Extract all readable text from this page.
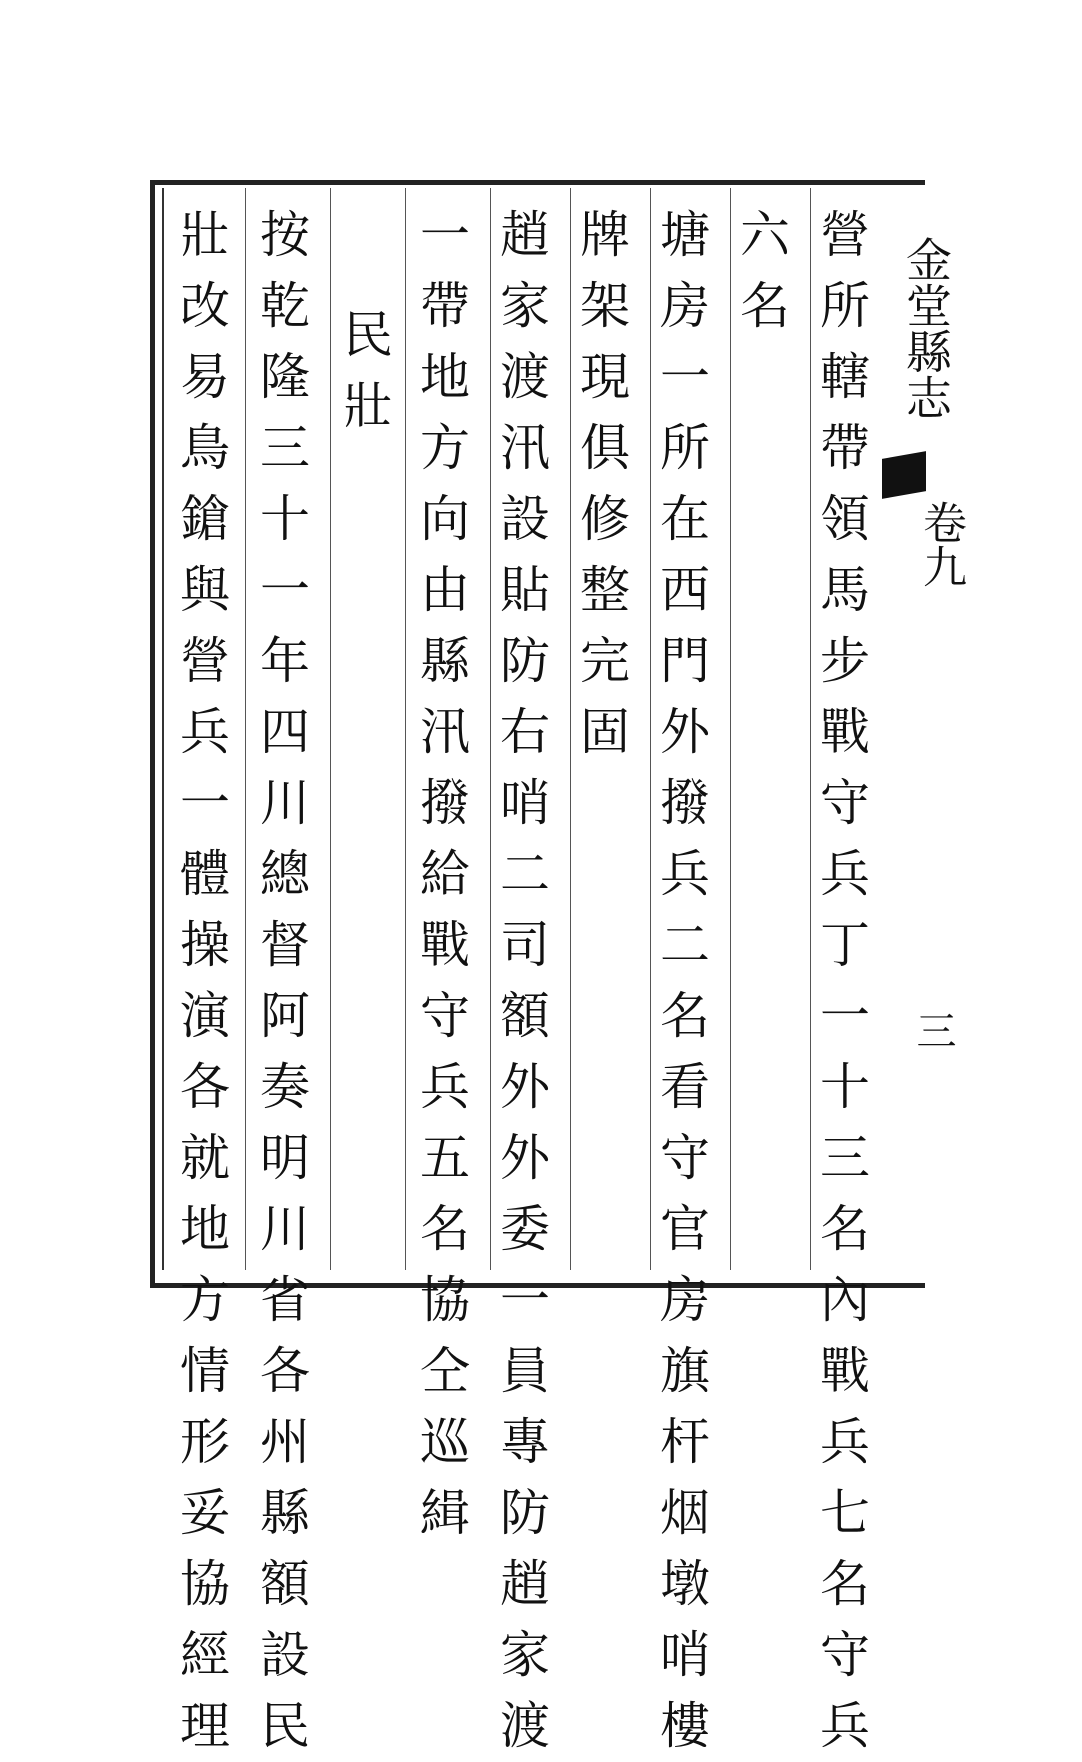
金堂縣志
卷九
三
營
所
轄
帶
領
馬
步
戰
守
兵
丁
一
十
三
名
內
戰
兵
七
名
守
兵
六
名
塘
房
一
所
在
西
門
外
撥
兵
二
名
看
守
官
房
旗
杆
烟
墩
哨
樓
牌
架
現
俱
修
整
完
固
趙
家
渡
汛
設
貼
防
右
哨
二
司
額
外
外
委
一
員
專
防
趙
家
渡
一
帶
地
方
向
由
縣
汛
撥
給
戰
守
兵
五
名
協
仝
巡
緝
民
壯
按
乾
隆
三
十
一
年
四
川
總
督
阿
奏
明
川
省
各
州
縣
額
設
民
壯
改
易
鳥
鎗
與
營
兵
一
體
操
演
各
就
地
方
情
形
妥
協
經
理
